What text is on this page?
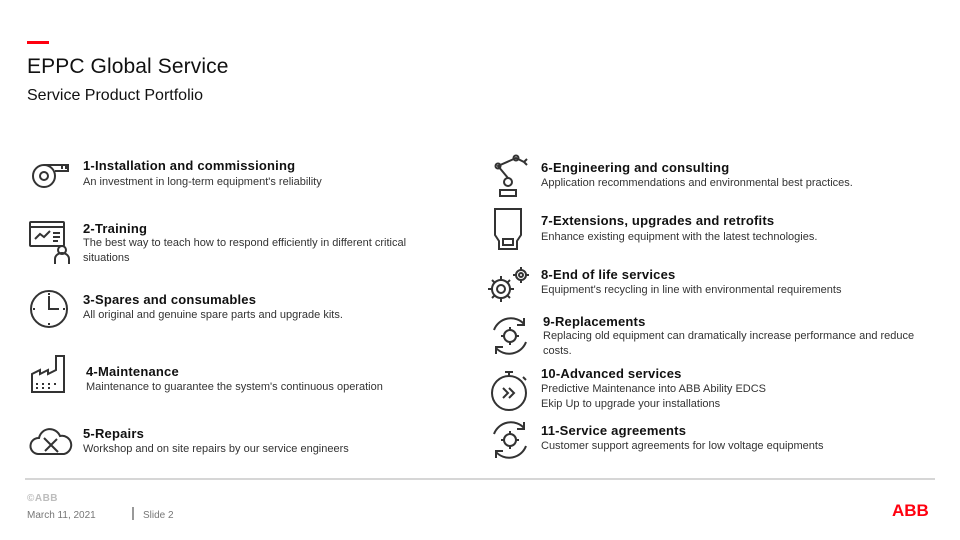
EPPC Global Service
Service Product Portfolio
1-Installation and commissioning
An investment in long-term equipment's reliability
2-Training
The best way to teach how to respond efficiently in different critical situations
3-Spares and consumables
All original and genuine spare parts and upgrade kits.
4-Maintenance
Maintenance to guarantee the system's continuous operation
5-Repairs
Workshop and on site repairs by our service engineers
6-Engineering and consulting
Application recommendations and environmental best practices.
7-Extensions, upgrades and retrofits
Enhance existing equipment with the latest technologies.
8-End of life services
Equipment's recycling in line with environmental requirements
9-Replacements
Replacing old equipment can dramatically increase performance and reduce costs.
10-Advanced services
Predictive Maintenance into ABB Ability EDCS
Ekip Up to upgrade your installations
11-Service agreements
Customer support agreements for low voltage equipments
©ABB
March 11, 2021	Slide 2	ABB
